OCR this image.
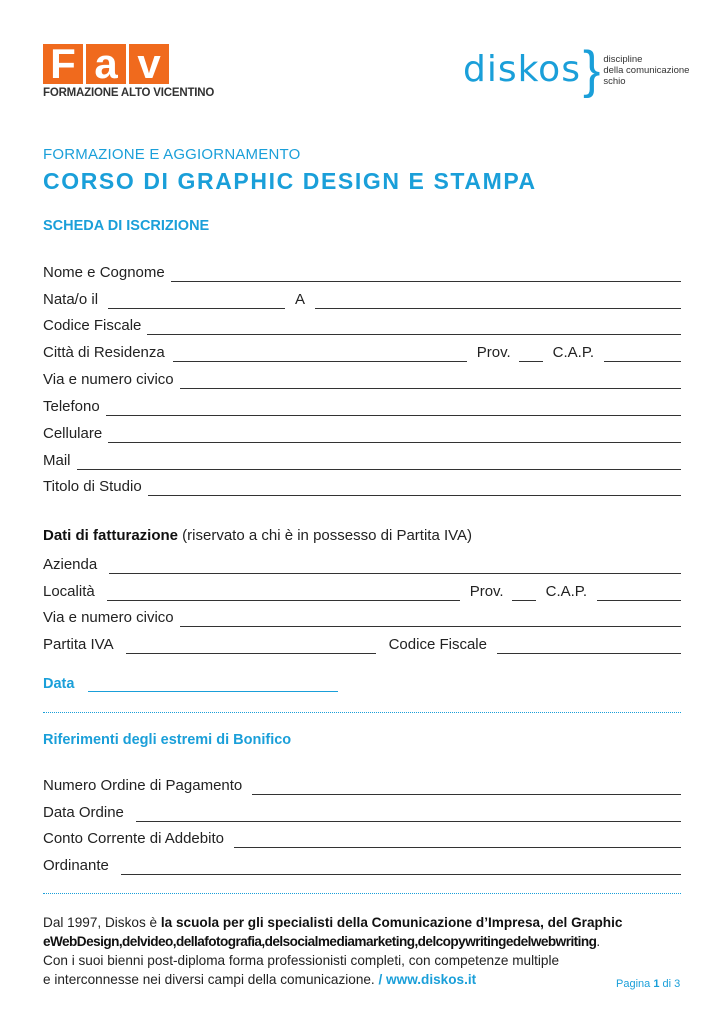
F a v
FORMAZIONE ALTO VICENTINO
diskos } discipline
della comunicazione
schio
FORMAZIONE E AGGIORNAMENTO
CORSO DI GRAPHIC DESIGN E STAMPA
SCHEDA DI ISCRIZIONE
Nome e Cognome
Nata/o il	A
Codice Fiscale
Città di Residenza	Prov.	C.A.P.
Via e numero civico
Telefono
Cellulare
Mail
Titolo di Studio
Dati di fatturazione (riservato a chi è in possesso di Partita IVA)
Azienda
Località	Prov.	C.A.P.
Via e numero civico
Partita IVA	Codice Fiscale
Data
Riferimenti degli estremi di Bonifico
Numero Ordine di Pagamento
Data Ordine
Conto Corrente di Addebito
Ordinante
Dal 1997, Diskos è la scuola per gli specialisti della Comunicazione d’Impresa, del Graphic
eWebDesign,delvideo,dellafotografia,delsocialmediamarketing,delcopywritingedelwebwriting.
Con i suoi bienni post-diploma forma professionisti completi, con competenze multiple
e interconnesse nei diversi campi della comunicazione. / www.diskos.it	Pagina 1 di 3
